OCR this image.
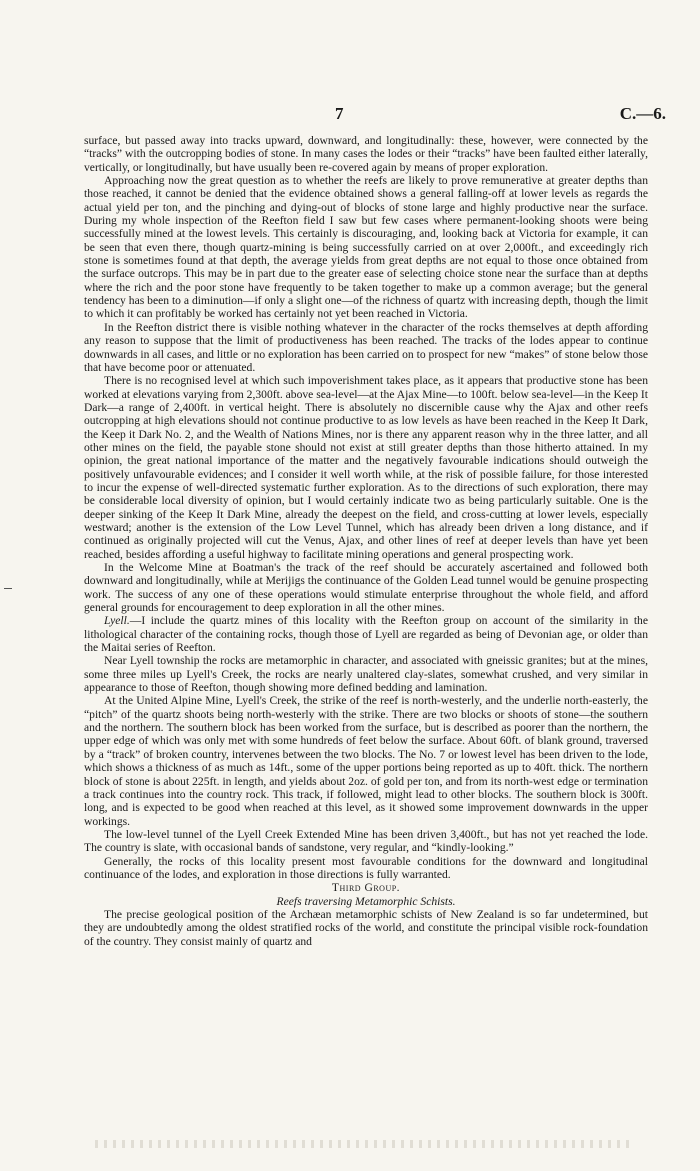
7	C.—6.

surface, but passed away into tracks upward, downward, and longitudinally: these, however, were connected by the “tracks” with the outcropping bodies of stone. In many cases the lodes or their “tracks” have been faulted either laterally, vertically, or longitudinally, but have usually been re-covered again by means of proper exploration.

Approaching now the great question as to whether the reefs are likely to prove remunerative at greater depths than those reached, it cannot be denied that the evidence obtained shows a general falling-off at lower levels as regards the actual yield per ton, and the pinching and dying-out of blocks of stone large and highly productive near the surface. During my whole inspection of the Reefton field I saw but few cases where permanent-looking shoots were being successfully mined at the lowest levels. This certainly is discouraging, and, looking back at Victoria for example, it can be seen that even there, though quartz-mining is being successfully carried on at over 2,000ft., and exceedingly rich stone is sometimes found at that depth, the average yields from great depths are not equal to those once obtained from the surface outcrops. This may be in part due to the greater ease of selecting choice stone near the surface than at depths where the rich and the poor stone have frequently to be taken together to make up a common average; but the general tendency has been to a diminution—if only a slight one—of the richness of quartz with increasing depth, though the limit to which it can profitably be worked has certainly not yet been reached in Victoria.

In the Reefton district there is visible nothing whatever in the character of the rocks themselves at depth affording any reason to suppose that the limit of productiveness has been reached. The tracks of the lodes appear to continue downwards in all cases, and little or no exploration has been carried on to prospect for new “makes” of stone below those that have become poor or attenuated.

There is no recognised level at which such impoverishment takes place, as it appears that productive stone has been worked at elevations varying from 2,300ft. above sea-level—at the Ajax Mine—to 100ft. below sea-level—in the Keep It Dark—a range of 2,400ft. in vertical height. There is absolutely no discernible cause why the Ajax and other reefs outcropping at high elevations should not continue productive to as low levels as have been reached in the Keep It Dark, the Keep it Dark No. 2, and the Wealth of Nations Mines, nor is there any apparent reason why in the three latter, and all other mines on the field, the payable stone should not exist at still greater depths than those hitherto attained. In my opinion, the great national importance of the matter and the negatively favourable indications should outweigh the positively unfavourable evidences; and I consider it well worth while, at the risk of possible failure, for those interested to incur the expense of well-directed systematic further exploration. As to the directions of such exploration, there may be considerable local diversity of opinion, but I would certainly indicate two as being particularly suitable. One is the deeper sinking of the Keep It Dark Mine, already the deepest on the field, and cross-cutting at lower levels, especially westward; another is the extension of the Low Level Tunnel, which has already been driven a long distance, and if continued as originally projected will cut the Venus, Ajax, and other lines of reef at deeper levels than have yet been reached, besides affording a useful highway to facilitate mining operations and general prospecting work.

In the Welcome Mine at Boatman's the track of the reef should be accurately ascertained and followed both downward and longitudinally, while at Merijigs the continuance of the Golden Lead tunnel would be genuine prospecting work. The success of any one of these operations would stimulate enterprise throughout the whole field, and afford general grounds for encouragement to deep exploration in all the other mines.

Lyell.—I include the quartz mines of this locality with the Reefton group on account of the similarity in the lithological character of the containing rocks, though those of Lyell are regarded as being of Devonian age, or older than the Maitai series of Reefton.

Near Lyell township the rocks are metamorphic in character, and associated with gneissic granites; but at the mines, some three miles up Lyell's Creek, the rocks are nearly unaltered clay-slates, somewhat crushed, and very similar in appearance to those of Reefton, though showing more defined bedding and lamination.

At the United Alpine Mine, Lyell's Creek, the strike of the reef is north-westerly, and the underlie north-easterly, the “pitch” of the quartz shoots being north-westerly with the strike. There are two blocks or shoots of stone—the southern and the northern. The southern block has been worked from the surface, but is described as poorer than the northern, the upper edge of which was only met with some hundreds of feet below the surface. About 60ft. of blank ground, traversed by a “track” of broken country, intervenes between the two blocks. The No. 7 or lowest level has been driven to the lode, which shows a thickness of as much as 14ft., some of the upper portions being reported as up to 40ft. thick. The northern block of stone is about 225ft. in length, and yields about 2oz. of gold per ton, and from its north-west edge or termination a track continues into the country rock. This track, if followed, might lead to other blocks. The southern block is 300ft. long, and is expected to be good when reached at this level, as it showed some improvement downwards in the upper workings.

The low-level tunnel of the Lyell Creek Extended Mine has been driven 3,400ft., but has not yet reached the lode. The country is slate, with occasional bands of sandstone, very regular, and “kindly-looking.”

Generally, the rocks of this locality present most favourable conditions for the downward and longitudinal continuance of the lodes, and exploration in those directions is fully warranted.

Third Group.

Reefs traversing Metamorphic Schists.

The precise geological position of the Archæan metamorphic schists of New Zealand is so far undetermined, but they are undoubtedly among the oldest stratified rocks of the world, and constitute the principal visible rock-foundation of the country. They consist mainly of quartz and
